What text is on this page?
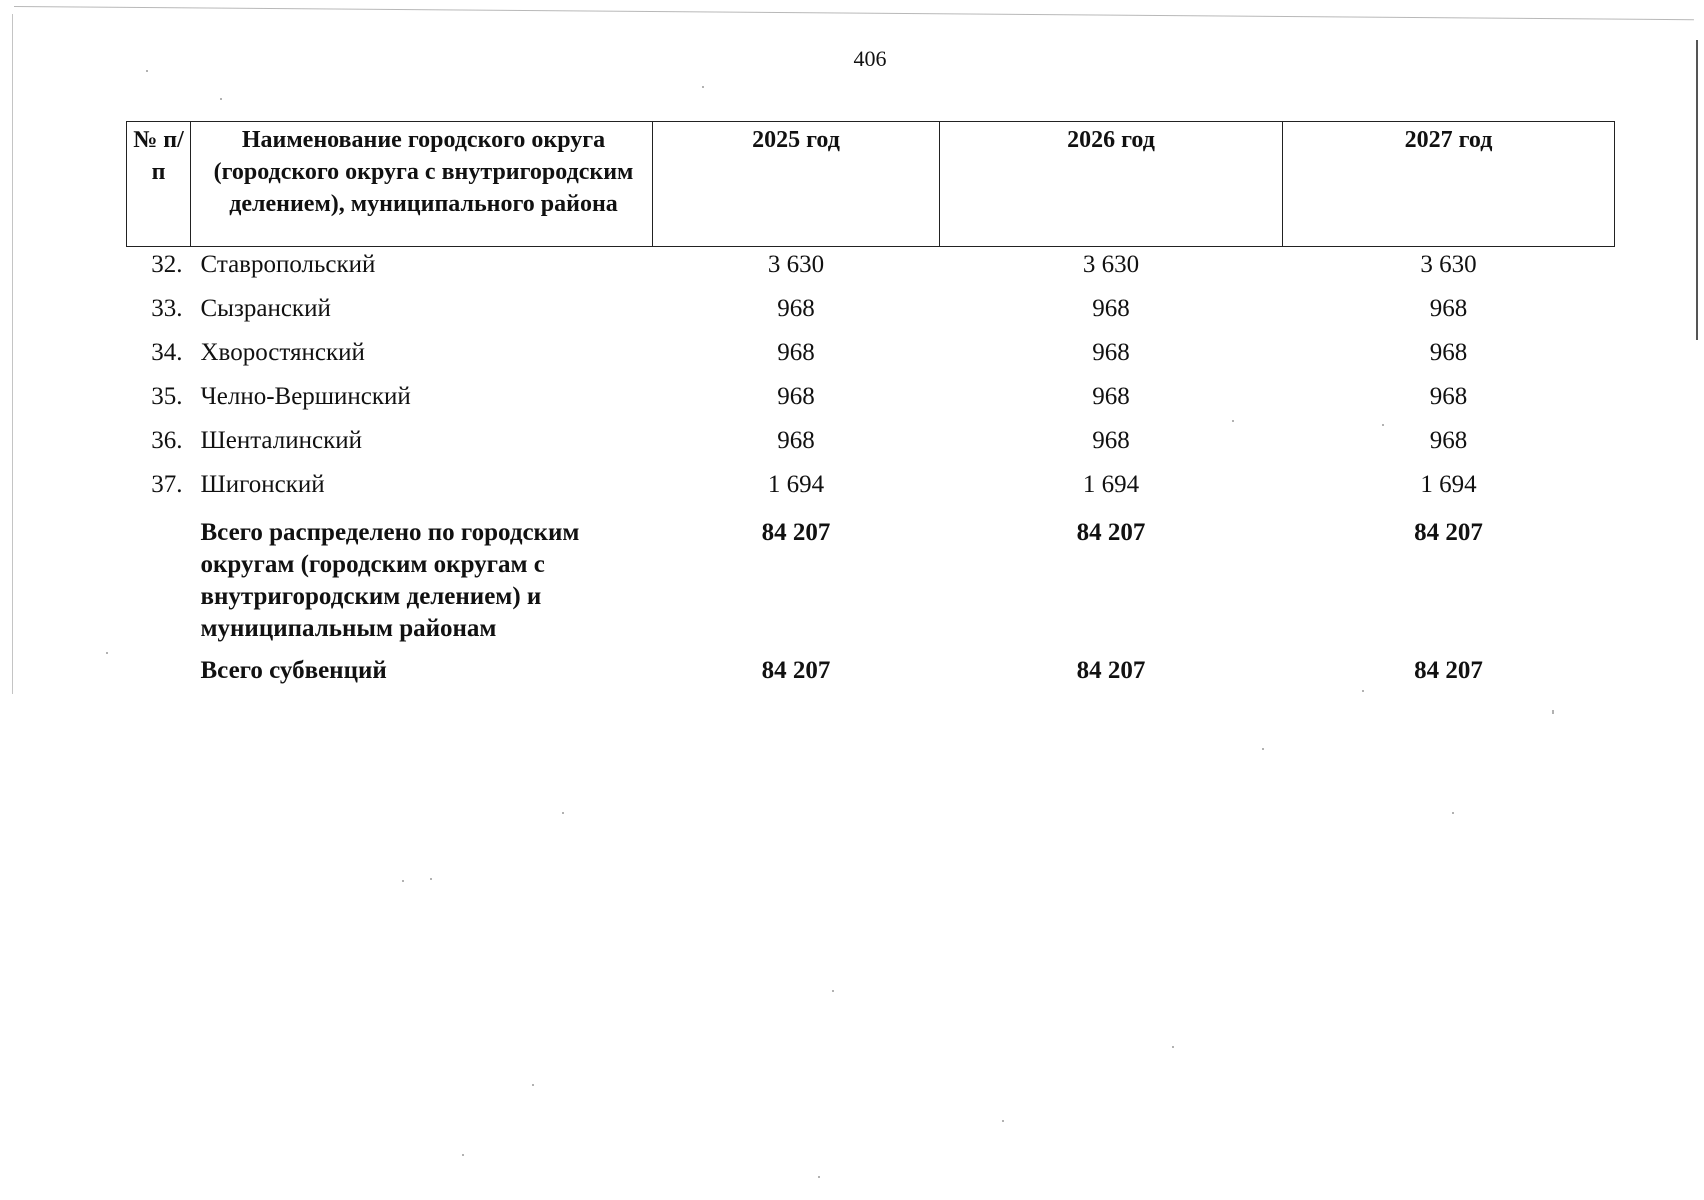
406
№ п/п	Наименование городского округа (городского округа с внутригородским делением), муниципального района	2025 год	2026 год	2027 год
32.	Ставропольский	3 630	3 630	3 630
33.	Сызранский	968	968	968
34.	Хворостянский	968	968	968
35.	Челно-Вершинский	968	968	968
36.	Шенталинский	968	968	968
37.	Шигонский	1 694	1 694	1 694
	Всего распределено по городским округам (городским округам с внутригородским делением) и муниципальным районам	84 207	84 207	84 207
	Всего субвенций	84 207	84 207	84 207
